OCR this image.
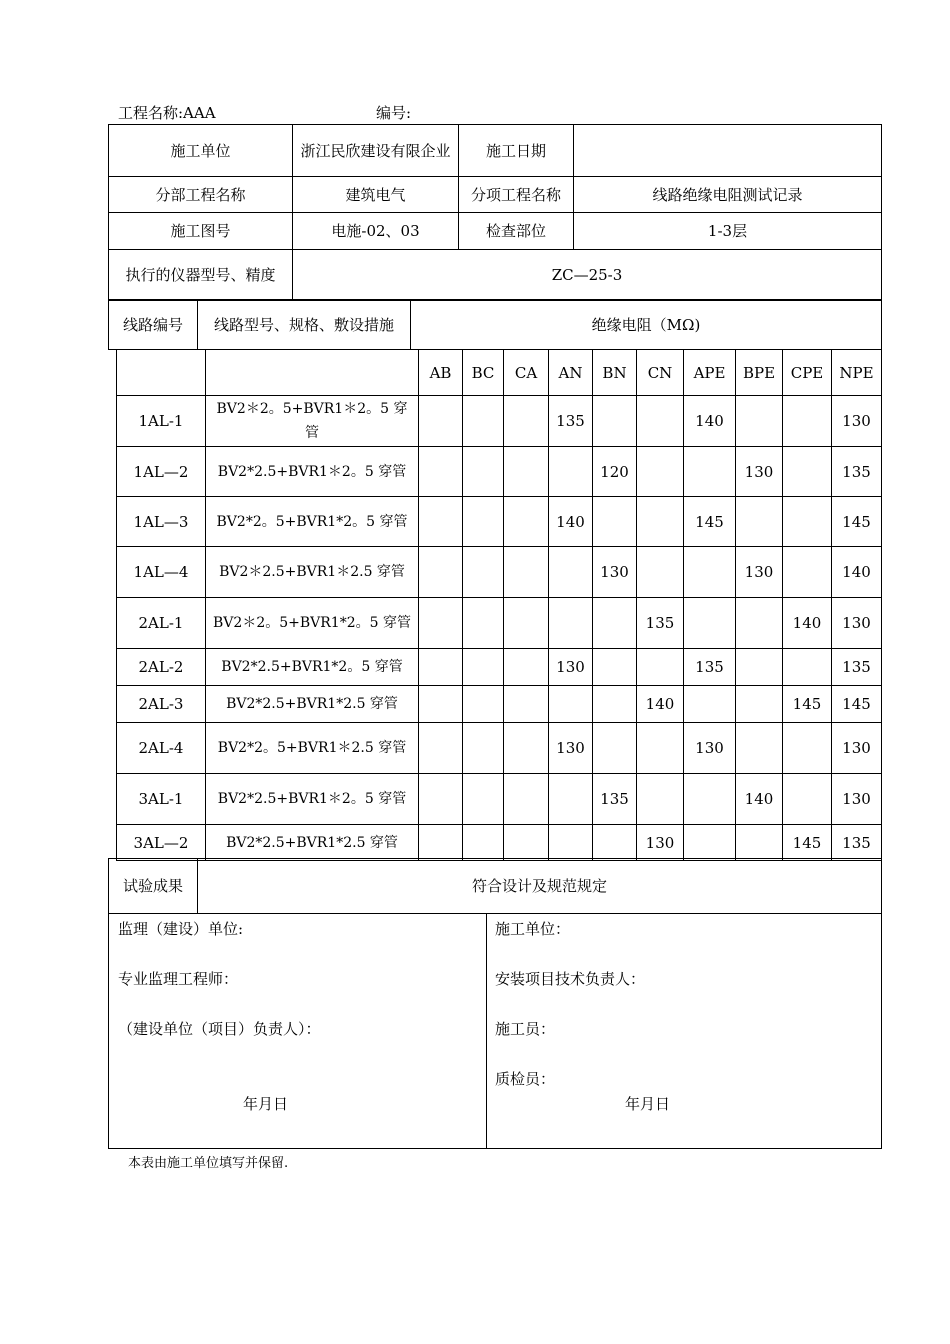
工程名称:AAA	编号:
施工单位	浙江民欣建设有限企业	施工日期	
分部工程名称	建筑电气	分项工程名称	线路绝缘电阻测试记录
施工图号	电施-02、03	检查部位	1-3层
执行的仪器型号、精度	ZC—25-3		
线路编号	线路型号、规格、敷设措施	绝缘电阻（MΩ)
		AB	BC	CA	AN	BN	CN	APE	BPE	CPE	NPE
1AL-1	BV2＊2。5+BVR1＊2。5 穿管				135			140			130
1AL—2	BV2*2.5+BVR1＊2。5 穿管					120			130		135
1AL—3	BV2*2。5+BVR1*2。5 穿管				140			145			145
1AL—4	BV2＊2.5+BVR1＊2.5 穿管					130			130		140
2AL-1	BV2＊2。5+BVR1*2。5 穿管						135			140	130
2AL-2	BV2*2.5+BVR1*2。5 穿管				130			135			135
2AL-3	BV2*2.5+BVR1*2.5 穿管						140			145	145
2AL-4	BV2*2。5+BVR1＊2.5 穿管				130			130			130
3AL-1	BV2*2.5+BVR1＊2。5 穿管					135			140		130
3AL—2	BV2*2.5+BVR1*2.5 穿管						130			145	135
试验成果	符合设计及规范规定

监理（建设）单位:
专业监理工程师：
（建设单位（项目）负责人）：
年月日
施工单位：
安装项目技术负责人：
施工员：
质检员：
年月日
本表由施工单位填写并保留.
